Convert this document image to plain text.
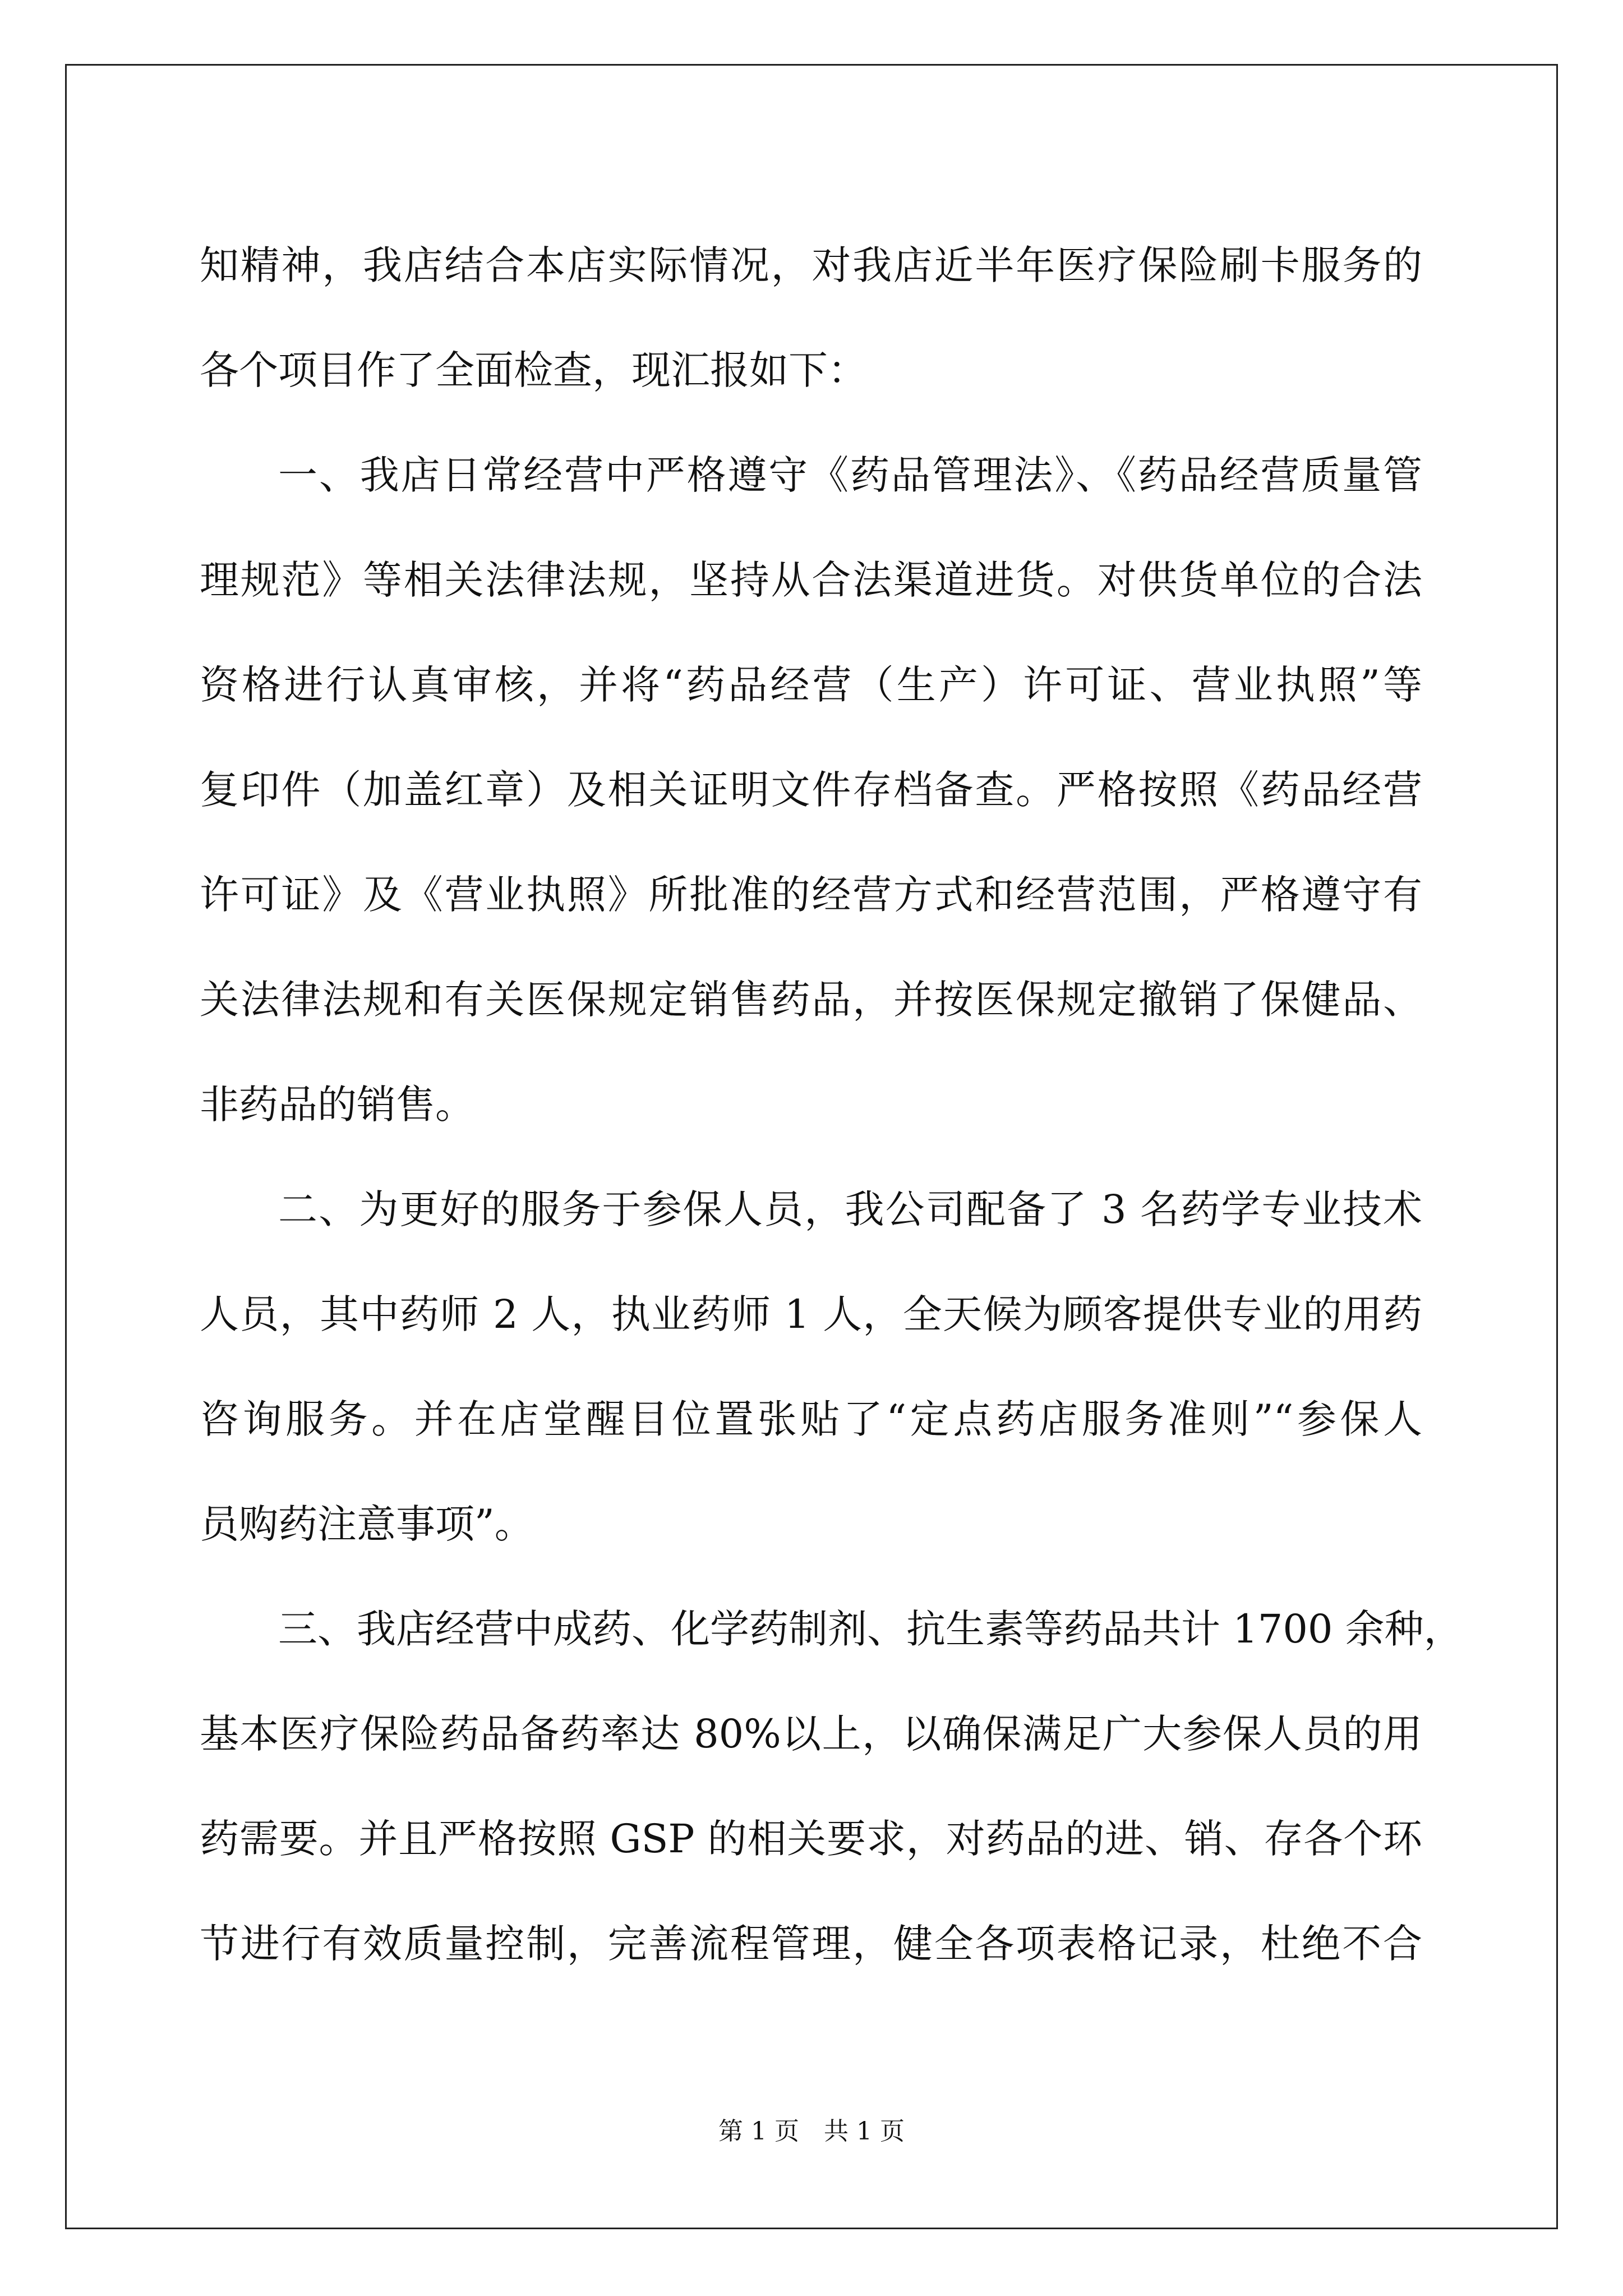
知精神，我店结合本店实际情况，对我店近半年医疗保险刷卡服务的
各个项目作了全面检查，现汇报如下：
一、我店日常经营中严格遵守《药品管理法》、《药品经营质量管
理规范》等相关法律法规，坚持从合法渠道进货。对供货单位的合法
资格进行认真审核，并将“药品经营（生产）许可证、营业执照”等
复印件（加盖红章）及相关证明文件存档备查。严格按照《药品经营
许可证》及《营业执照》所批准的经营方式和经营范围，严格遵守有
关法律法规和有关医保规定销售药品，并按医保规定撤销了保健品、
非药品的销售。
二、为更好的服务于参保人员，我公司配备了 3 名药学专业技术
人员，其中药师 2 人，执业药师 1 人，全天候为顾客提供专业的用药
咨询服务。并在店堂醒目位置张贴了“定点药店服务准则”“参保人
员购药注意事项”。
三、我店经营中成药、化学药制剂、抗生素等药品共计 1700 余种，
基本医疗保险药品备药率达 80%以上，以确保满足广大参保人员的用
药需要。并且严格按照 GSP 的相关要求，对药品的进、销、存各个环
节进行有效质量控制，完善流程管理，健全各项表格记录，杜绝不合
第 1 页　共 1 页
